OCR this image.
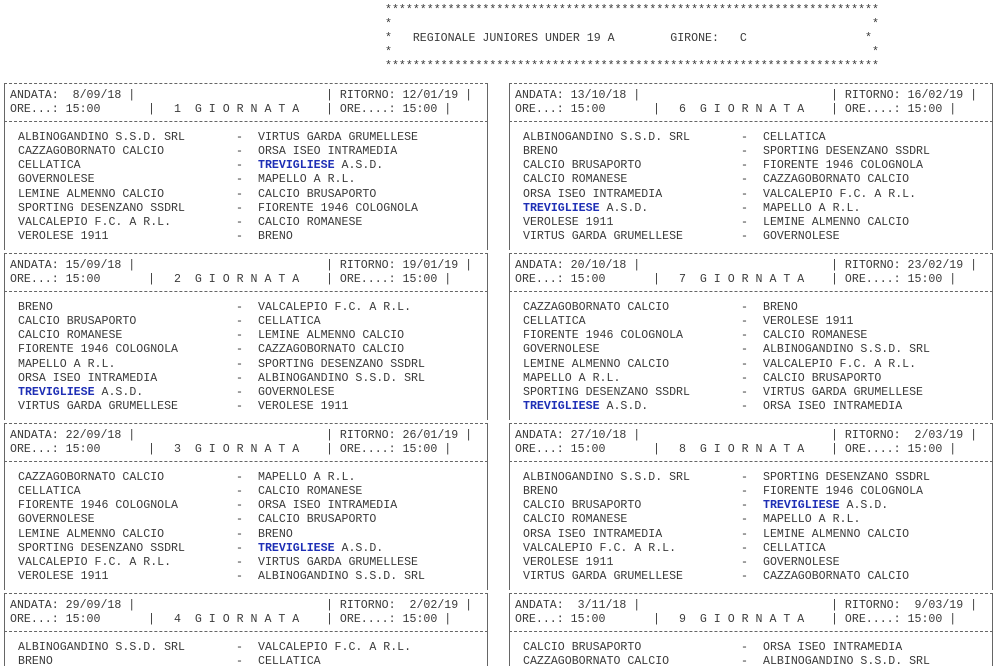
***********************************************************************
*                                                                     *
*   REGIONALE JUNIORES UNDER 19 A        GIRONE:   C                 *
*                                                                     *
***********************************************************************
ANDATA:  8/09/18 |	| RITORNO: 12/01/19 |
ORE...: 15:00	| 1  G I O R N A T A | ORE....: 15:00 |
ALBINOGANDINO S.S.D. SRL	- VIRTUS GARDA GRUMELLESE
CAZZAGOBORNATO CALCIO	- ORSA ISEO INTRAMEDIA
CELLATICA	- TREVIGLIESE A.S.D.
GOVERNOLESE	- MAPELLO A R.L.
LEMINE ALMENNO CALCIO	- CALCIO BRUSAPORTO
SPORTING DESENZANO SSDRL	- FIORENTE 1946 COLOGNOLA
VALCALEPIO F.C. A R.L.	- CALCIO ROMANESE
VEROLESE 1911	- BRENO
ANDATA: 13/10/18 |	| RITORNO: 16/02/19 |
ORE...: 15:00	| 6  G I O R N A T A | ORE....: 15:00 |
ALBINOGANDINO S.S.D. SRL	- CELLATICA
BRENO	- SPORTING DESENZANO SSDRL
CALCIO BRUSAPORTO	- FIORENTE 1946 COLOGNOLA
CALCIO ROMANESE	- CAZZAGOBORNATO CALCIO
ORSA ISEO INTRAMEDIA	- VALCALEPIO F.C. A R.L.
TREVIGLIESE A.S.D.	- MAPELLO A R.L.
VEROLESE 1911	- LEMINE ALMENNO CALCIO
VIRTUS GARDA GRUMELLESE	- GOVERNOLESE
ANDATA: 15/09/18 |	| RITORNO: 19/01/19 |
ORE...: 15:00	| 2  G I O R N A T A | ORE....: 15:00 |
BRENO	- VALCALEPIO F.C. A R.L.
CALCIO BRUSAPORTO	- CELLATICA
CALCIO ROMANESE	- LEMINE ALMENNO CALCIO
FIORENTE 1946 COLOGNOLA	- CAZZAGOBORNATO CALCIO
MAPELLO A R.L.	- SPORTING DESENZANO SSDRL
ORSA ISEO INTRAMEDIA	- ALBINOGANDINO S.S.D. SRL
TREVIGLIESE A.S.D.	- GOVERNOLESE
VIRTUS GARDA GRUMELLESE	- VEROLESE 1911
ANDATA: 20/10/18 |	| RITORNO: 23/02/19 |
ORE...: 15:00	| 7  G I O R N A T A | ORE....: 15:00 |
CAZZAGOBORNATO CALCIO	- BRENO
CELLATICA	- VEROLESE 1911
FIORENTE 1946 COLOGNOLA	- CALCIO ROMANESE
GOVERNOLESE	- ALBINOGANDINO S.S.D. SRL
LEMINE ALMENNO CALCIO	- VALCALEPIO F.C. A R.L.
MAPELLO A R.L.	- CALCIO BRUSAPORTO
SPORTING DESENZANO SSDRL	- VIRTUS GARDA GRUMELLESE
TREVIGLIESE A.S.D.	- ORSA ISEO INTRAMEDIA
ANDATA: 22/09/18 |	| RITORNO: 26/01/19 |
ORE...: 15:00	| 3  G I O R N A T A | ORE....: 15:00 |
CAZZAGOBORNATO CALCIO	- MAPELLO A R.L.
CELLATICA	- CALCIO ROMANESE
FIORENTE 1946 COLOGNOLA	- ORSA ISEO INTRAMEDIA
GOVERNOLESE	- CALCIO BRUSAPORTO
LEMINE ALMENNO CALCIO	- BRENO
SPORTING DESENZANO SSDRL	- TREVIGLIESE A.S.D.
VALCALEPIO F.C. A R.L.	- VIRTUS GARDA GRUMELLESE
VEROLESE 1911	- ALBINOGANDINO S.S.D. SRL
ANDATA: 27/10/18 |	| RITORNO:  2/03/19 |
ORE...: 15:00	| 8  G I O R N A T A | ORE....: 15:00 |
ALBINOGANDINO S.S.D. SRL	- SPORTING DESENZANO SSDRL
BRENO	- FIORENTE 1946 COLOGNOLA
CALCIO BRUSAPORTO	- TREVIGLIESE A.S.D.
CALCIO ROMANESE	- MAPELLO A R.L.
ORSA ISEO INTRAMEDIA	- LEMINE ALMENNO CALCIO
VALCALEPIO F.C. A R.L.	- CELLATICA
VEROLESE 1911	- GOVERNOLESE
VIRTUS GARDA GRUMELLESE	- CAZZAGOBORNATO CALCIO
ANDATA: 29/09/18 |	| RITORNO:  2/02/19 |
ORE...: 15:00	| 4  G I O R N A T A | ORE....: 15:00 |
ALBINOGANDINO S.S.D. SRL	- VALCALEPIO F.C. A R.L.
BRENO	- CELLATICA
ANDATA:  3/11/18 |	| RITORNO:  9/03/19 |
ORE...: 15:00	| 9  G I O R N A T A | ORE....: 15:00 |
CALCIO BRUSAPORTO	- ORSA ISEO INTRAMEDIA
CAZZAGOBORNATO CALCIO	- ALBINOGANDINO S.S.D. SRL
